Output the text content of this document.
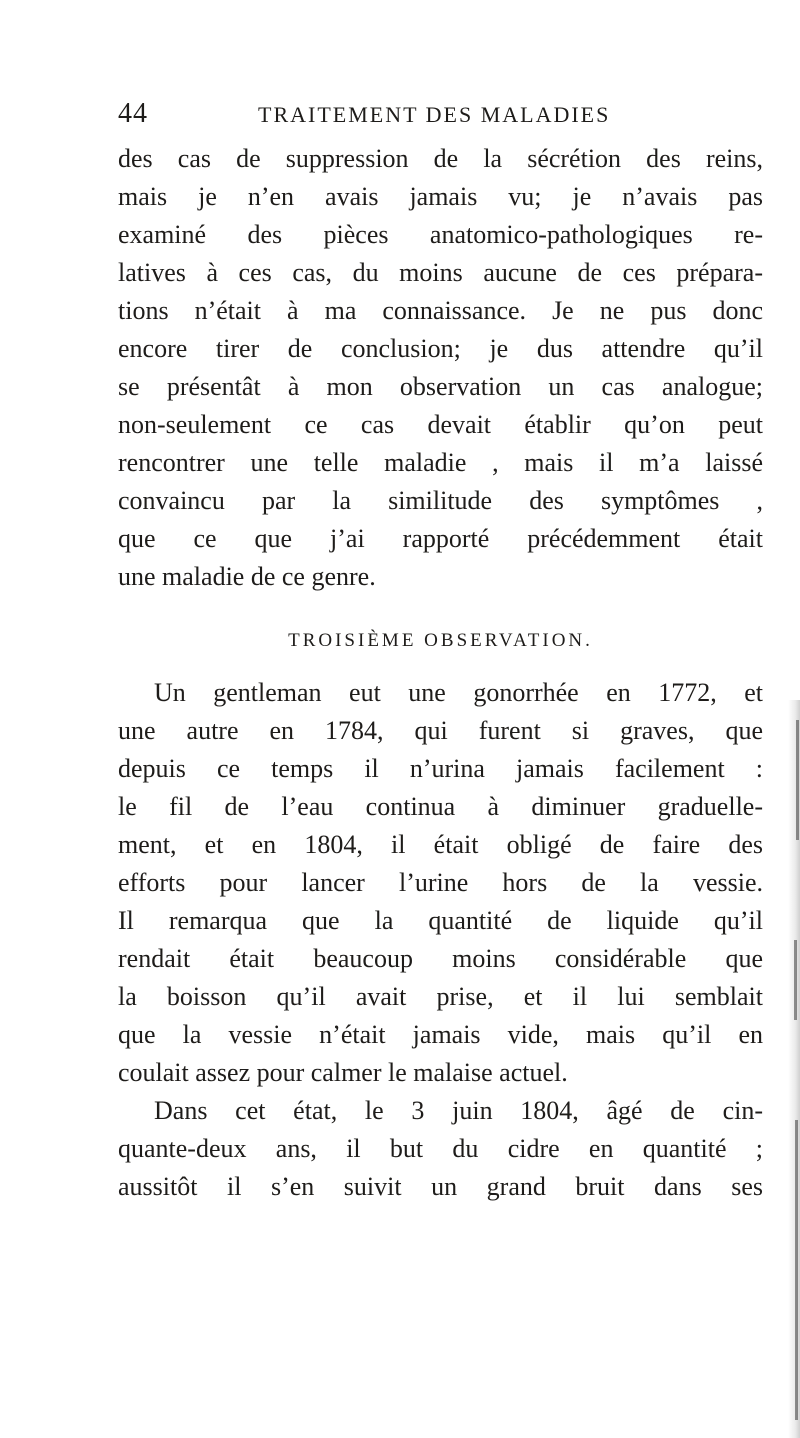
44	TRAITEMENT DES MALADIES
des cas de suppression de la sécrétion des reins,
mais je n’en avais jamais vu; je n’avais pas
examiné des pièces anatomico-pathologiques re-
latives à ces cas, du moins aucune de ces prépara-
tions n’était à ma connaissance. Je ne pus donc
encore tirer de conclusion; je dus attendre qu’il
se présentât à mon observation un cas analogue;
non-seulement ce cas devait établir qu’on peut
rencontrer une telle maladie , mais il m’a laissé
convaincu par la similitude des symptômes ,
que ce que j’ai rapporté précédemment était
une maladie de ce genre.
TROISIÈME OBSERVATION.
Un gentleman eut une gonorrhée en 1772, et
une autre en 1784, qui furent si graves, que
depuis ce temps il n’urina jamais facilement :
le fil de l’eau continua à diminuer graduelle-
ment, et en 1804, il était obligé de faire des
efforts pour lancer l’urine hors de la vessie.
Il remarqua que la quantité de liquide qu’il
rendait était beaucoup moins considérable que
la boisson qu’il avait prise, et il lui semblait
que la vessie n’était jamais vide, mais qu’il en
coulait assez pour calmer le malaise actuel.
Dans cet état, le 3 juin 1804, âgé de cin-
quante-deux ans, il but du cidre en quantité ;
aussitôt il s’en suivit un grand bruit dans ses
